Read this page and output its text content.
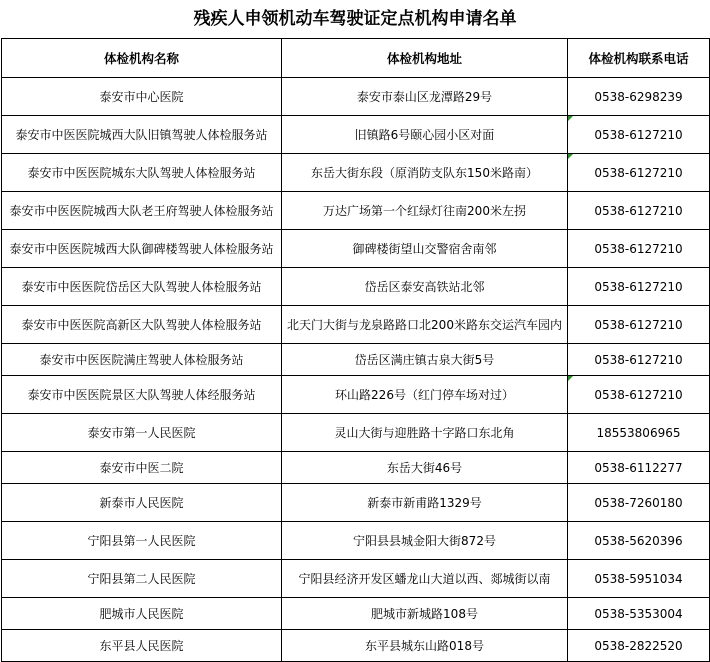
残疾人申领机动车驾驶证定点机构申请名单
体检机构名称	体检机构地址	体检机构联系电话
泰安市中心医院	泰安市泰山区龙潭路29号	0538-6298239
泰安市中医医院城西大队旧镇驾驶人体检服务站	旧镇路6号颐心园小区对面	0538-6127210
泰安市中医医院城东大队驾驶人体检服务站	东岳大街东段（原消防支队东150米路南）	0538-6127210
泰安市中医医院城西大队老王府驾驶人体检服务站	万达广场第一个红绿灯往南200米左拐	0538-6127210
泰安市中医医院城西大队御碑楼驾驶人体检服务站	御碑楼街望山交警宿舍南邻	0538-6127210
泰安市中医医院岱岳区大队驾驶人体检服务站	岱岳区泰安高铁站北邻	0538-6127210
泰安市中医医院高新区大队驾驶人体检服务站	北天门大街与龙泉路路口北200米路东交运汽车园内	0538-6127210
泰安市中医医院满庄驾驶人体检服务站	岱岳区满庄镇古泉大街5号	0538-6127210
泰安市中医医院景区大队驾驶人体经服务站	环山路226号（红门停车场对过）	0538-6127210
泰安市第一人民医院	灵山大街与迎胜路十字路口东北角	18553806965
泰安市中医二院	东岳大街46号	0538-6112277
新泰市人民医院	新泰市新甫路1329号	0538-7260180
宁阳县第一人民医院	宁阳县县城金阳大街872号	0538-5620396
宁阳县第二人民医院	宁阳县经济开发区蟠龙山大道以西、郯城街以南	0538-5951034
肥城市人民医院	肥城市新城路108号	0538-5353004
东平县人民医院	东平县城东山路018号	0538-2822520
